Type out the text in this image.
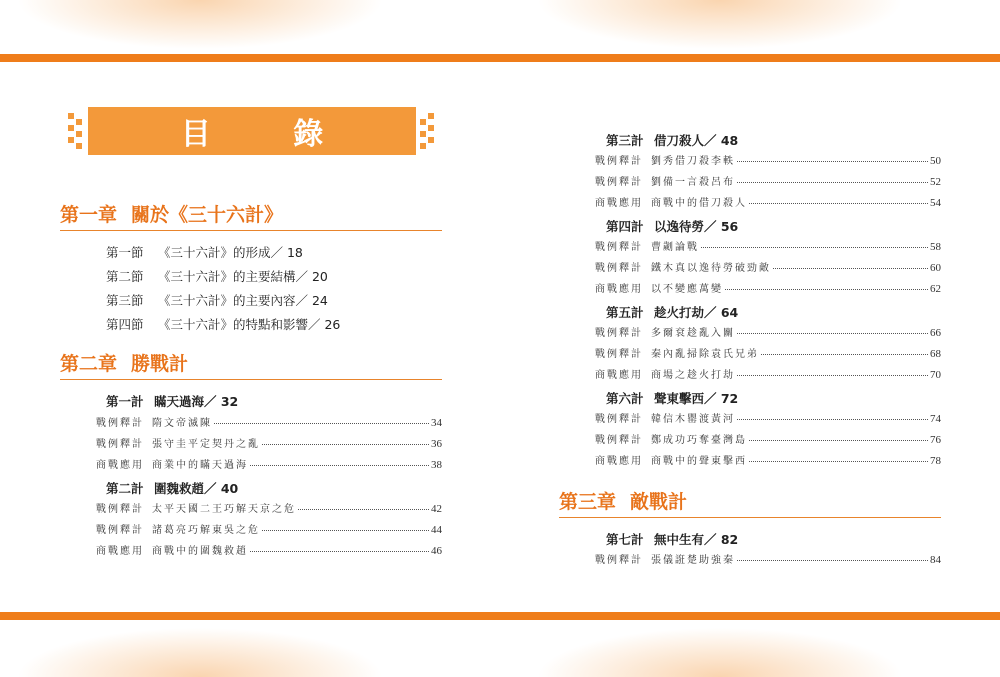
目 錄
第一章 關於《三十六計》
第一節 《三十六計》的形成／ 18
第二節 《三十六計》的主要結構／ 20
第三節 《三十六計》的主要內容／ 24
第四節 《三十六計》的特點和影響／ 26
第二章 勝戰計
第一計 瞞天過海／ 32
戰例釋計 隋文帝滅陳	34
戰例釋計 張守圭平定契丹之亂	36
商戰應用 商業中的瞞天過海	38
第二計 圍魏救趙／ 40
戰例釋計 太平天國二王巧解天京之危	42
戰例釋計 諸葛亮巧解東吳之危	44
商戰應用 商戰中的圍魏救趙	46
第三計 借刀殺人／ 48
戰例釋計 劉秀借刀殺李軼	50
戰例釋計 劉備一言殺呂布	52
商戰應用 商戰中的借刀殺人	54
第四計 以逸待勞／ 56
戰例釋計 曹劌論戰	58
戰例釋計 鐵木真以逸待勞破勁敵	60
商戰應用 以不變應萬變	62
第五計 趁火打劫／ 64
戰例釋計 多爾袞趁亂入關	66
戰例釋計 秦內亂掃除袁氏兄弟	68
商戰應用 商場之趁火打劫	70
第六計 聲東擊西／ 72
戰例釋計 韓信木罌渡黃河	74
戰例釋計 鄭成功巧奪臺灣島	76
商戰應用 商戰中的聲東擊西	78
第三章 敵戰計
第七計 無中生有／ 82
戰例釋計 張儀誑楚助強秦	84
